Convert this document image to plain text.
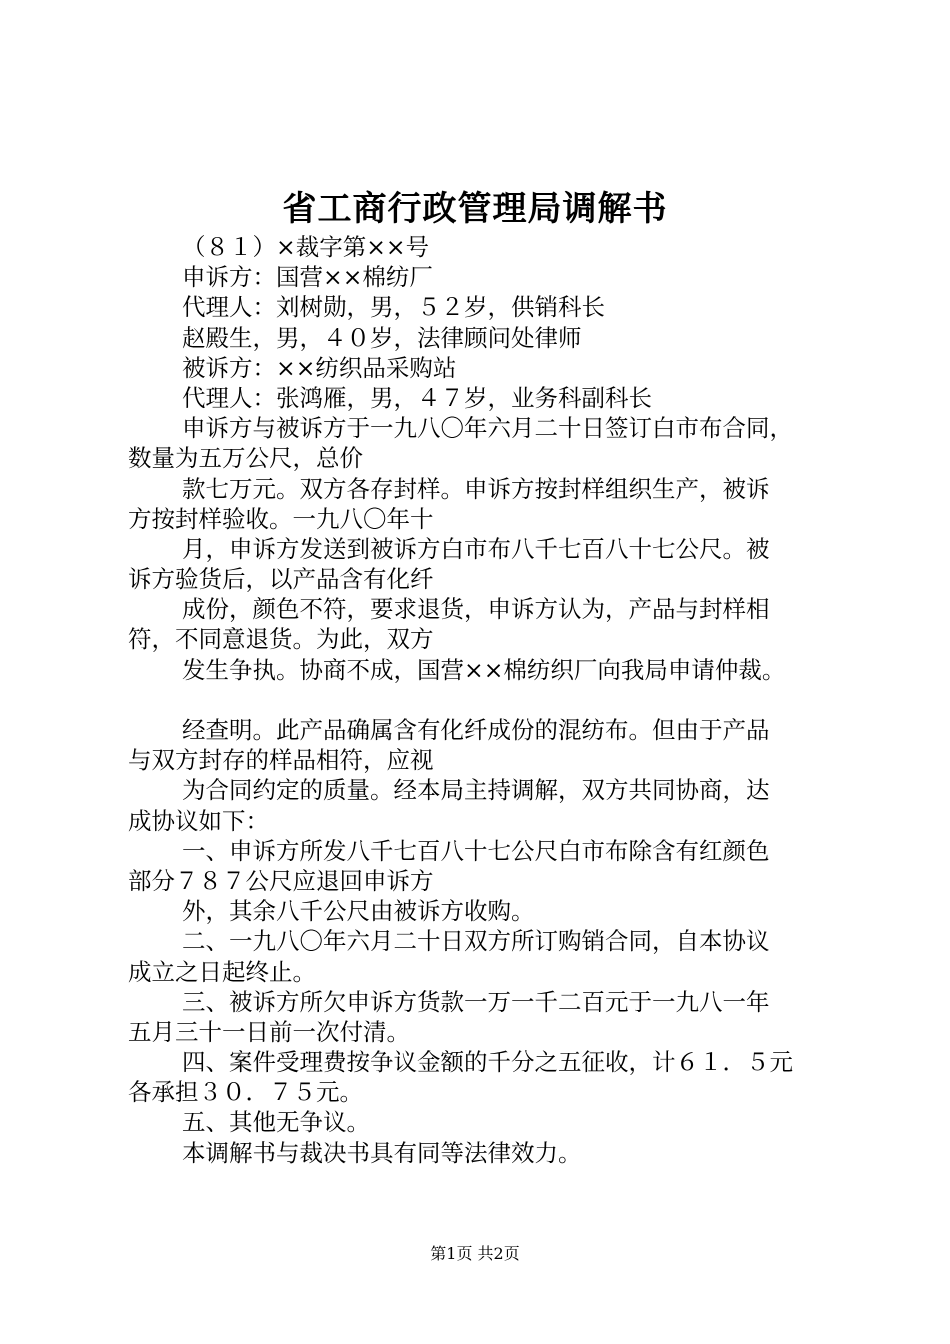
省工商行政管理局调解书
（８１）×裁字第××号
申诉方：国营××棉纺厂
代理人：刘树勋，男，５２岁，供销科长
赵殿生，男，４０岁，法律顾问处律师
被诉方：××纺织品采购站
代理人：张鸿雁，男，４７岁，业务科副科长
申诉方与被诉方于一九八〇年六月二十日签订白市布合同，
数量为五万公尺，总价
款七万元。双方各存封样。申诉方按封样组织生产，被诉
方按封样验收。一九八〇年十
月，申诉方发送到被诉方白市布八千七百八十七公尺。被
诉方验货后，以产品含有化纤
成份，颜色不符，要求退货，申诉方认为，产品与封样相
符，不同意退货。为此，双方
发生争执。协商不成，国营××棉纺织厂向我局申请仲裁。
经查明。此产品确属含有化纤成份的混纺布。但由于产品
与双方封存的样品相符，应视
为合同约定的质量。经本局主持调解，双方共同协商，达
成协议如下：
一、申诉方所发八千七百八十七公尺白市布除含有红颜色
部分７８７公尺应退回申诉方
外，其余八千公尺由被诉方收购。
二、一九八〇年六月二十日双方所订购销合同，自本协议
成立之日起终止。
三、被诉方所欠申诉方货款一万一千二百元于一九八一年
五月三十一日前一次付清。
四、案件受理费按争议金额的千分之五征收，计６１．５元
各承担３０．７５元。
五、其他无争议。
本调解书与裁决书具有同等法律效力。
第1页 共2页
